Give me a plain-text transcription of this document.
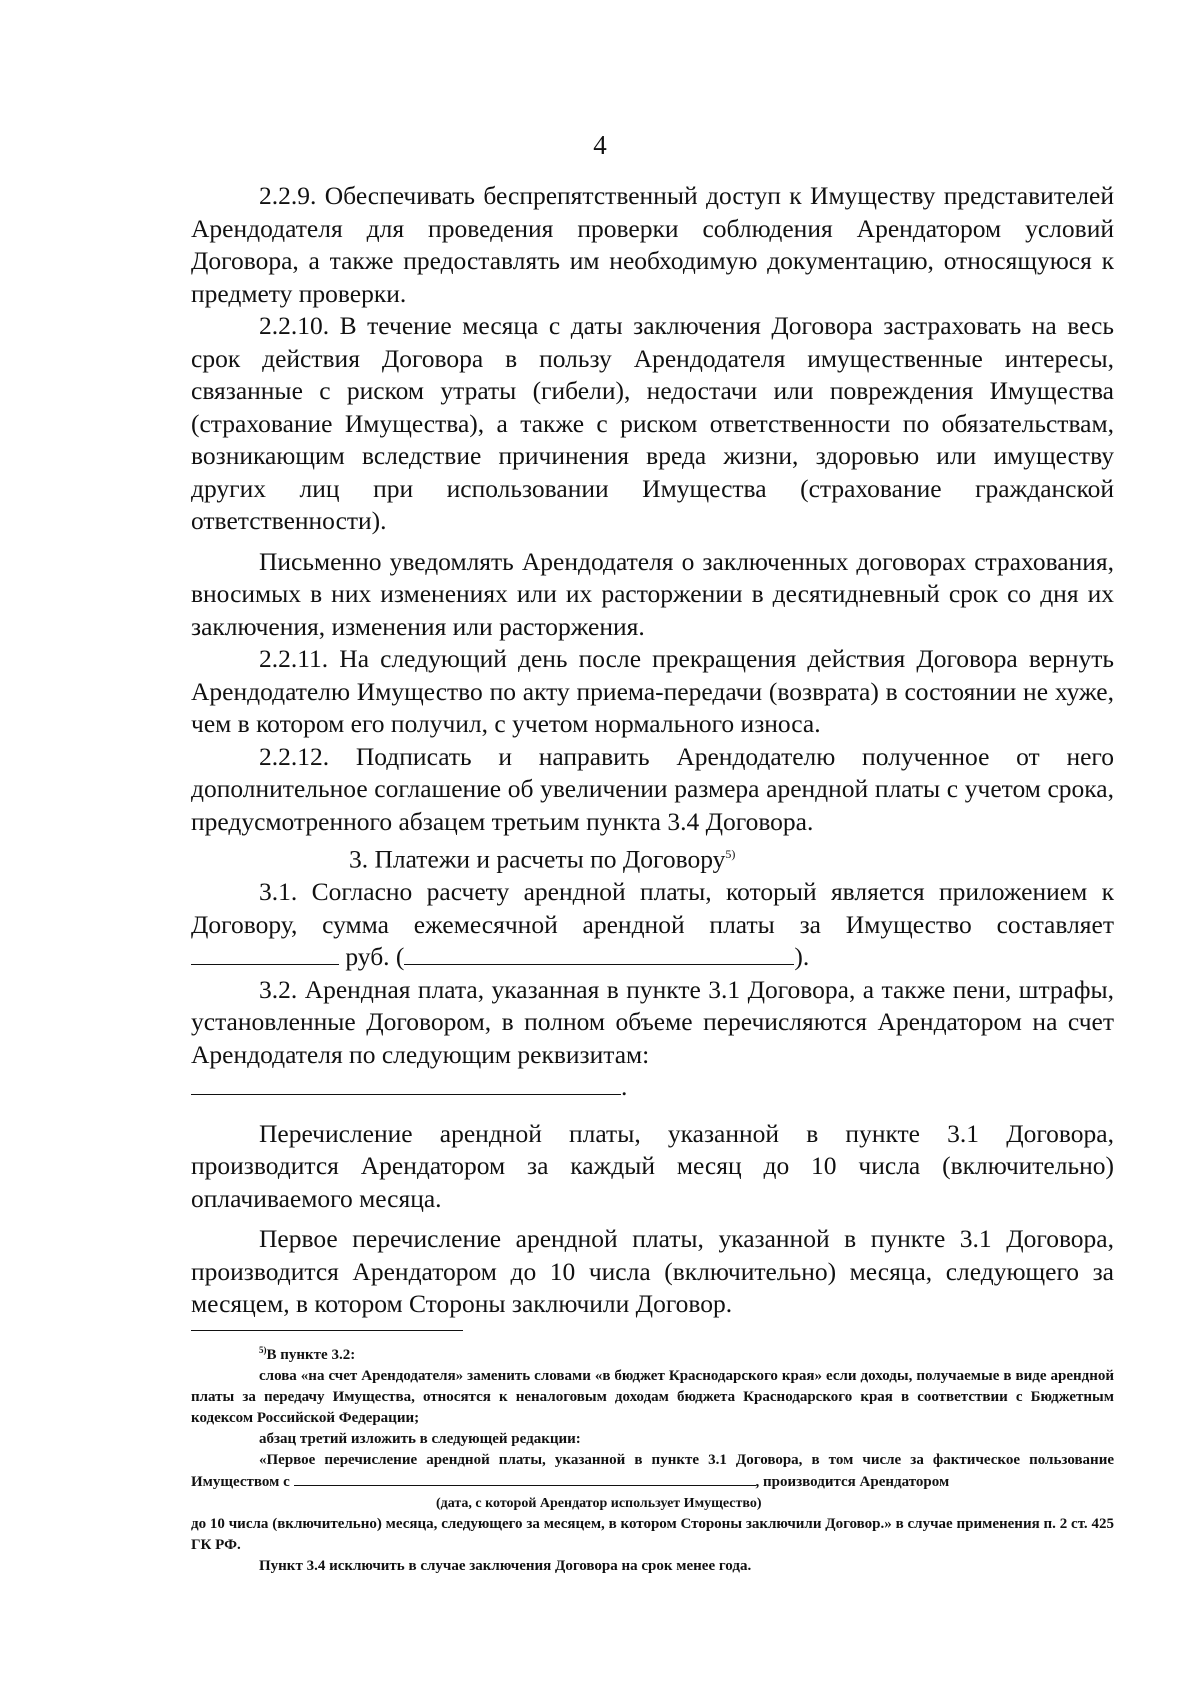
4

2.2.9. Обеспечивать беспрепятственный доступ к Имуществу представителей Арендодателя для проведения проверки соблюдения Арендатором условий Договора, а также предоставлять им необходимую документацию, относящуюся к предмету проверки.

2.2.10. В течение месяца с даты заключения Договора застраховать на весь срок действия Договора в пользу Арендодателя имущественные интересы, связанные с риском утраты (гибели), недостачи или повреждения Имущества (страхование Имущества), а также с риском ответственности по обязательствам, возникающим вследствие причинения вреда жизни, здоровью или имуществу других лиц при использовании Имущества (страхование гражданской ответственности).

Письменно уведомлять Арендодателя о заключенных договорах страхования, вносимых в них изменениях или их расторжении в десятидневный срок со дня их заключения, изменения или расторжения.

2.2.11. На следующий день после прекращения действия Договора вернуть Арендодателю Имущество по акту приема-передачи (возврата) в состоянии не хуже, чем в котором его получил, с учетом нормального износа.

2.2.12. Подписать и направить Арендодателю полученное от него дополнительное соглашение об увеличении размера арендной платы с учетом срока, предусмотренного абзацем третьим пункта 3.4 Договора.

3. Платежи и расчеты по Договору$^{5)}$

3.1. Согласно расчету арендной платы, который является приложением к Договору, сумма ежемесячной арендной платы за Имущество составляет  руб. (	).

3.2. Арендная плата, указанная в пункте 3.1 Договора, а также пени, штрафы, установленные Договором, в полном объеме перечисляются Арендатором на счет Арендодателя по следующим реквизитам:

.

Перечисление арендной платы, указанной в пункте 3.1 Договора, производится Арендатором за каждый месяц до 10 числа (включительно) оплачиваемого месяца.

Первое перечисление арендной платы, указанной в пункте 3.1 Договора, производится Арендатором до 10 числа (включительно) месяца, следующего за месяцем, в котором Стороны заключили Договор.

$^{5)}$В пункте 3.2:

слова «на счет Арендодателя» заменить словами «в бюджет Краснодарского края» если доходы, получаемые в виде арендной платы за передачу Имущества, относятся к неналоговым доходам бюджета Краснодарского края в соответствии с Бюджетным кодексом Российской Федерации;

абзац третий изложить в следующей редакции:

«Первое перечисление арендной платы, указанной в пункте 3.1 Договора, в том числе за фактическое пользование Имуществом с	, производится Арендатором

(дата, с которой Арендатор использует Имущество)

до 10 числа (включительно) месяца, следующего за месяцем, в котором Стороны заключили Договор.» в случае применения п. 2 ст. 425 ГК РФ.

Пункт 3.4 исключить в случае заключения Договора на срок менее года.
